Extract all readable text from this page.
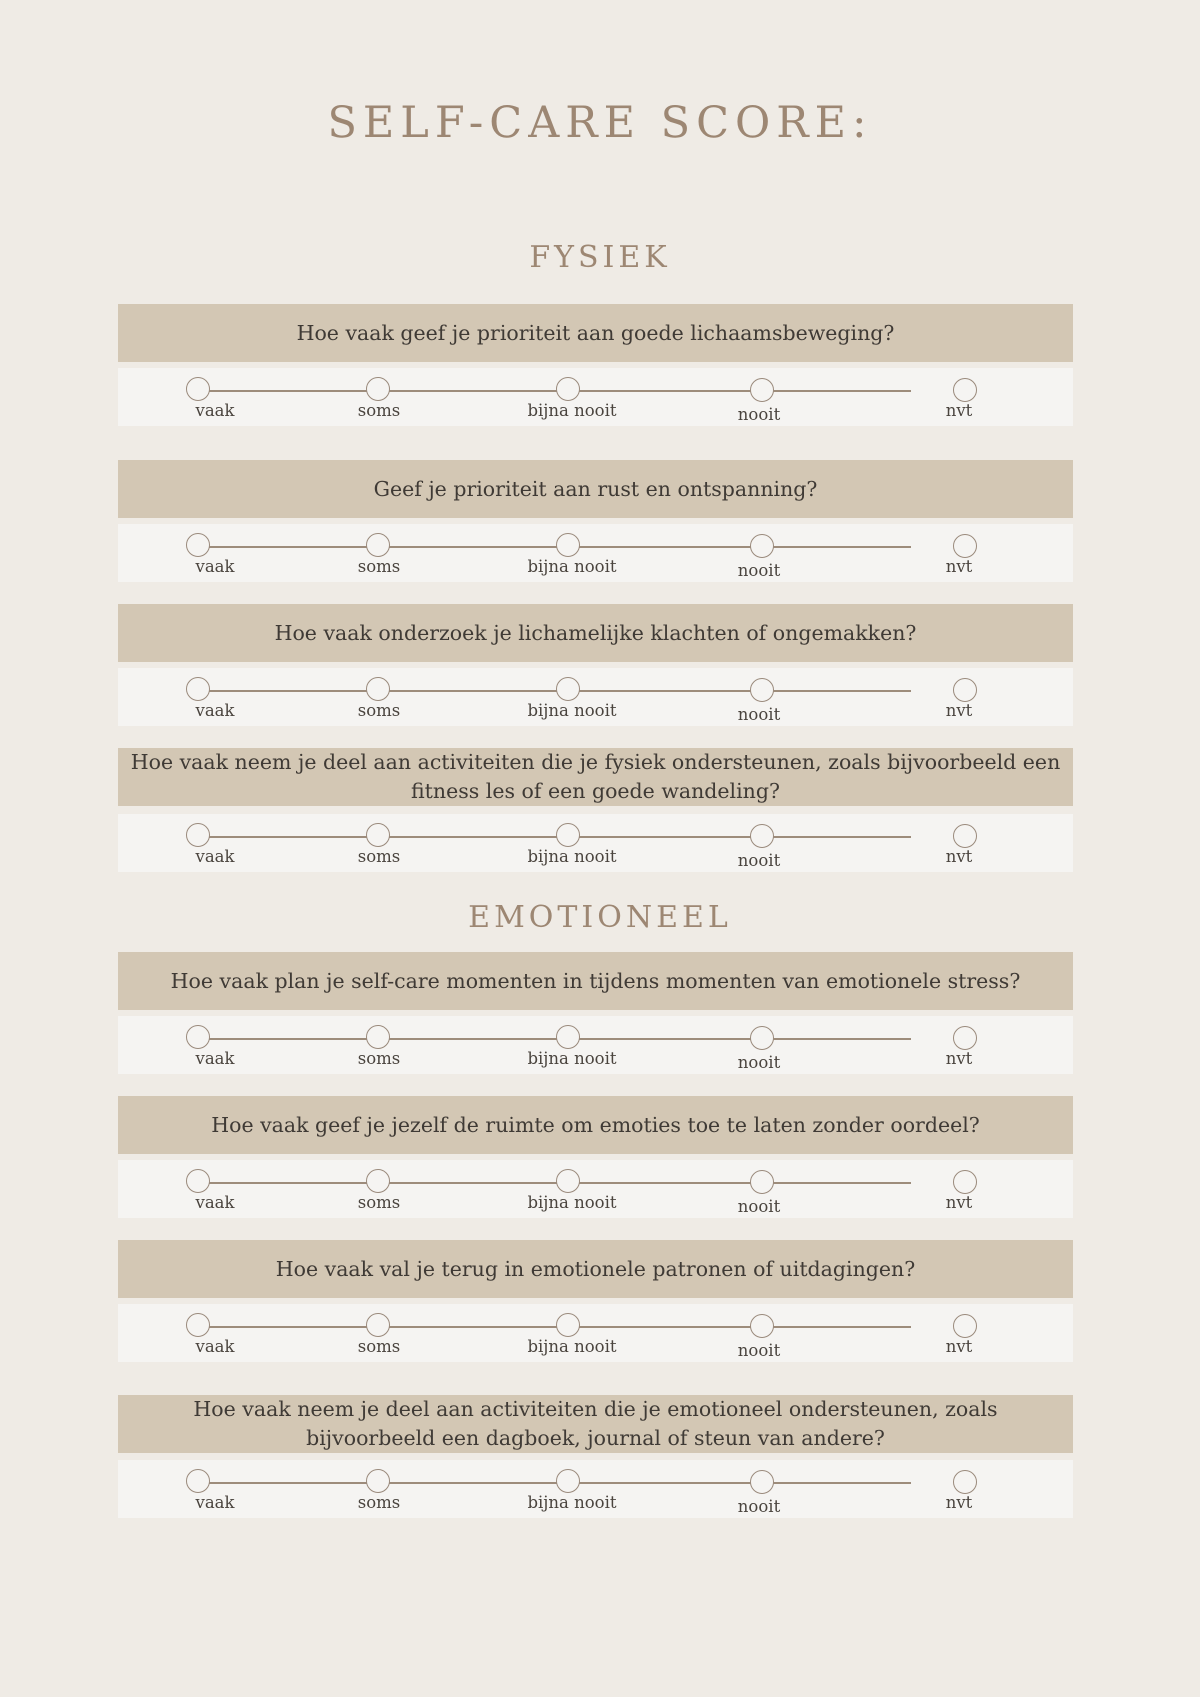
SELF-CARE SCORE:
FYSIEK
EMOTIONEEL
Hoe vaak geef je prioriteit aan goede lichaamsbeweging?
vaak	soms	bijna nooit	nooit	nvt
Geef je prioriteit aan rust en ontspanning?
vaak	soms	bijna nooit	nooit	nvt
Hoe vaak onderzoek je lichamelijke klachten of ongemakken?
vaak	soms	bijna nooit	nooit	nvt
Hoe vaak neem je deel aan activiteiten die je fysiek ondersteunen, zoals bijvoorbeeld een
fitness les of een goede wandeling?
vaak	soms	bijna nooit	nooit	nvt
Hoe vaak plan je self-care momenten in tijdens momenten van emotionele stress?
vaak	soms	bijna nooit	nooit	nvt
Hoe vaak geef je jezelf de ruimte om emoties toe te laten zonder oordeel?
vaak	soms	bijna nooit	nooit	nvt
Hoe vaak val je terug in emotionele patronen of uitdagingen?
vaak	soms	bijna nooit	nooit	nvt
Hoe vaak neem je deel aan activiteiten die je emotioneel ondersteunen, zoals
bijvoorbeeld een dagboek, journal of steun van andere?
vaak	soms	bijna nooit	nooit	nvt
